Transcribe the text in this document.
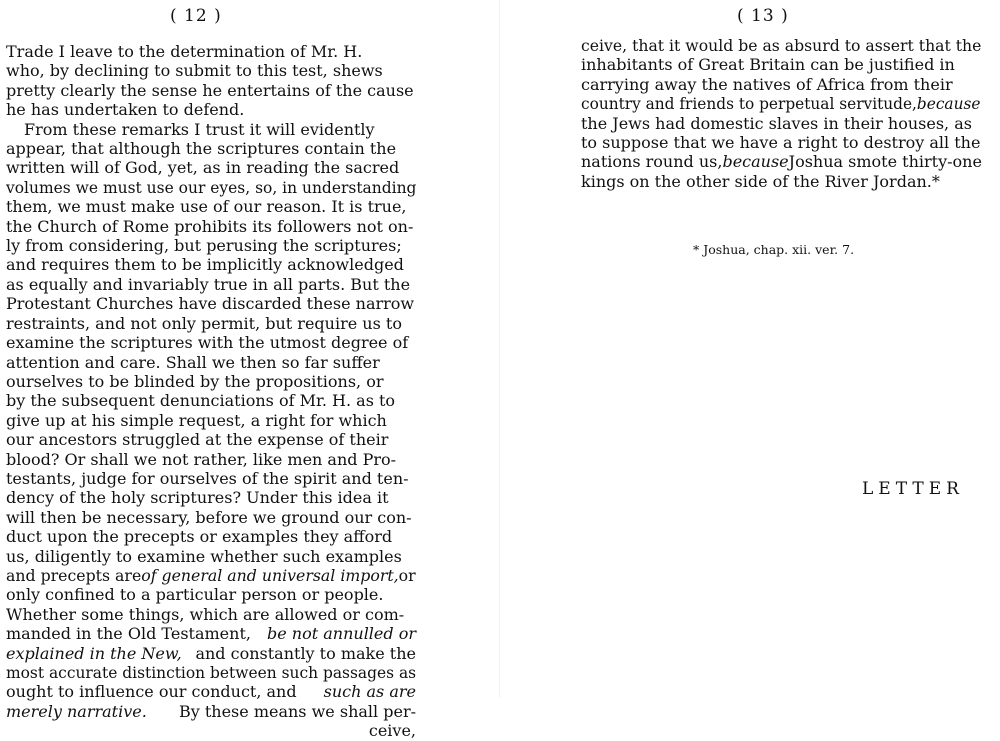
( 12 )
Trade I leave to the determination of Mr. H.
who, by declining to submit to this test, shews
pretty clearly the sense he entertains of the cause
he has undertaken to defend.
From these remarks I trust it will evidently
appear, that although the scriptures contain the
written will of God, yet, as in reading the sacred
volumes we must use our eyes, so, in understanding
them, we must make use of our reason. It is true,
the Church of Rome prohibits its followers not on-
ly from considering, but perusing the scriptures;
and requires them to be implicitly acknowledged
as equally and invariably true in all parts. But the
Protestant Churches have discarded these narrow
restraints, and not only permit, but require us to
examine the scriptures with the utmost degree of
attention and care. Shall we then so far suffer
ourselves to be blinded by the propositions, or
by the subsequent denunciations of Mr. H. as to
give up at his simple request, a right for which
our ancestors struggled at the expense of their
blood? Or shall we not rather, like men and Pro-
testants, judge for ourselves of the spirit and ten-
dency of the holy scriptures? Under this idea it
will then be necessary, before we ground our con-
duct upon the precepts or examples they afford
us, diligently to examine whether such examples
and precepts are of general and universal import, or
only confined to a particular person or people.
Whether some things, which are allowed or com-
manded in the Old Testament, be not annulled or
explained in the New, and constantly to make the
most accurate distinction between such passages as
ought to influence our conduct, and such as are
merely narrative. By these means we shall per-
ceive,
( 13 )
ceive, that it would be as absurd to assert that the
inhabitants of Great Britain can be justified in
carrying away the natives of Africa from their
country and friends to perpetual servitude, because
the Jews had domestic slaves in their houses, as
to suppose that we have a right to destroy all the
nations round us, because Joshua smote thirty-one
kings on the other side of the River Jordan.*
* Joshua, chap. xii. ver. 7.
LETTER
